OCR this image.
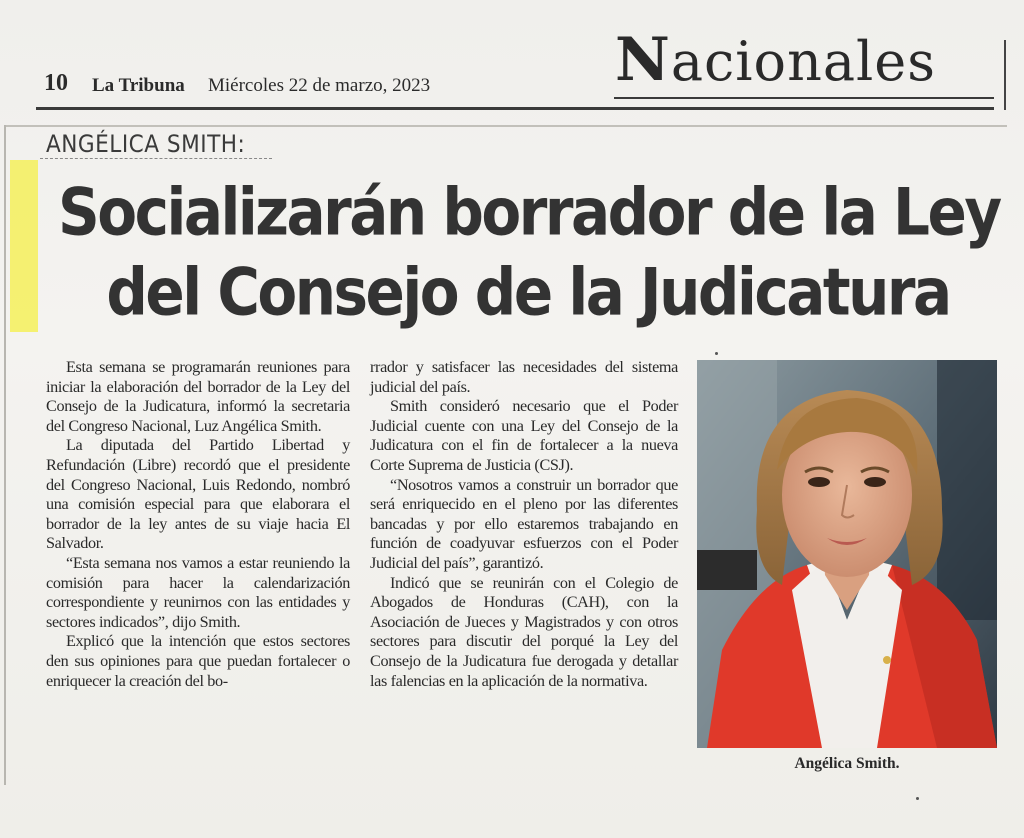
10 La Tribuna Miércoles 22 de marzo, 2023	Nacionales
ANGÉLICA SMITH:
Socializarán borrador de la Ley
del Consejo de la Judicatura

Esta semana se programarán reuniones para iniciar la elaboración del borrador de la Ley del Consejo de la Judicatura, informó la secretaria del Congreso Nacional, Luz Angélica Smith.

La diputada del Partido Libertad y Refundación (Libre) recordó que el presidente del Congreso Nacional, Luis Redondo, nombró una comisión especial para que elaborara el borrador de la ley antes de su viaje hacia El Salvador.

“Esta semana nos vamos a estar reuniendo la comisión para hacer la calendarización correspondiente y reunirnos con las entidades y sectores indicados”, dijo Smith.

Explicó que la intención que estos sectores den sus opiniones para que puedan fortalecer o enriquecer la creación del bo-

rrador y satisfacer las necesidades del sistema judicial del país.

Smith consideró necesario que el Poder Judicial cuente con una Ley del Consejo de la Judicatura con el fin de fortalecer a la nueva Corte Suprema de Justicia (CSJ).

“Nosotros vamos a construir un borrador que será enriquecido en el pleno por las diferentes bancadas y por ello estaremos trabajando en función de coadyuvar esfuerzos con el Poder Judicial del país”, garantizó.

Indicó que se reunirán con el Colegio de Abogados de Honduras (CAH), con la Asociación de Jueces y Magistrados y con otros sectores para discutir del porqué la Ley del Consejo de la Judicatura fue derogada y detallar las falencias en la aplicación de la normativa.

Angélica Smith.
